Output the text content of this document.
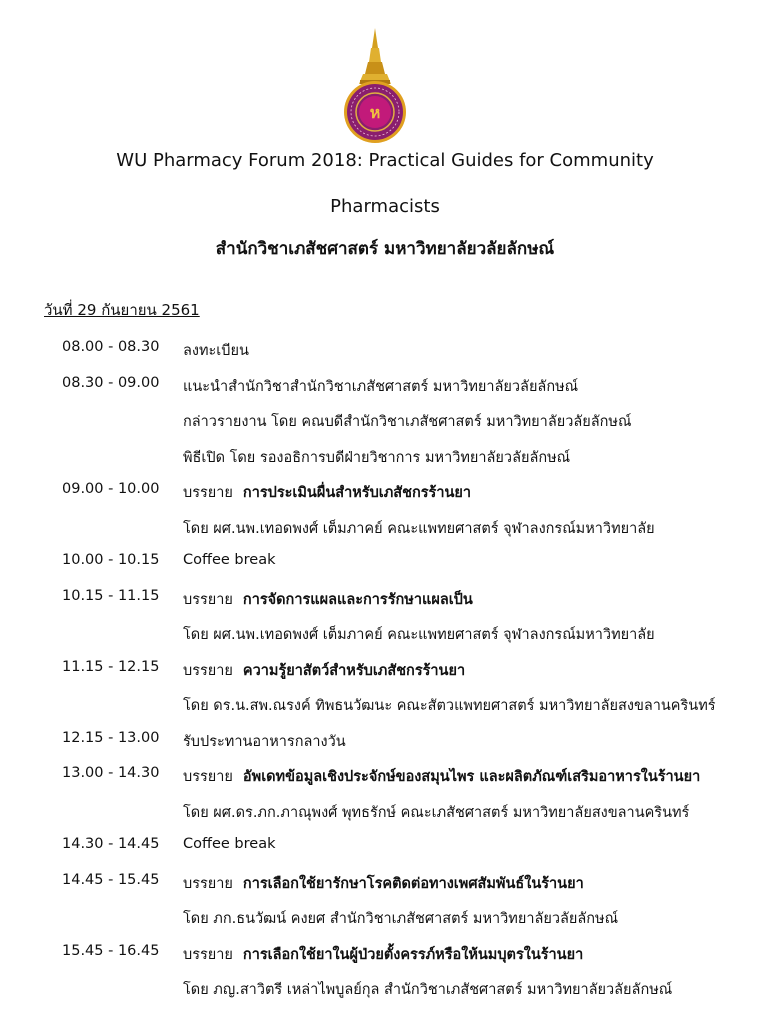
ห
WU Pharmacy Forum 2018: Practical Guides for Community
Pharmacists
สำนักวิชาเภสัชศาสตร์ มหาวิทยาลัยวลัยลักษณ์
วันที่ 29 กันยายน 2561
08.00 - 08.30 ลงทะเบียน
08.30 - 09.00 แนะนำสำนักวิชาสำนักวิชาเภสัชศาสตร์ มหาวิทยาลัยวลัยลักษณ์
กล่าวรายงาน โดย คณบดีสำนักวิชาเภสัชศาสตร์ มหาวิทยาลัยวลัยลักษณ์
พิธีเปิด โดย รองอธิการบดีฝ่ายวิชาการ มหาวิทยาลัยวลัยลักษณ์
09.00 - 10.00 บรรยาย การประเมินผื่นสำหรับเภสัชกรร้านยา
โดย ผศ.นพ.เทอดพงศ์ เต็มภาคย์ คณะแพทยศาสตร์ จุฬาลงกรณ์มหาวิทยาลัย
10.00 - 10.15 Coffee break
10.15 - 11.15 บรรยาย การจัดการแผลและการรักษาแผลเป็น
โดย ผศ.นพ.เทอดพงศ์ เต็มภาคย์ คณะแพทยศาสตร์ จุฬาลงกรณ์มหาวิทยาลัย
11.15 - 12.15 บรรยาย ความรู้ยาสัตว์สำหรับเภสัชกรร้านยา
โดย ดร.น.สพ.ณรงค์ ทิพธนวัฒนะ คณะสัตวแพทยศาสตร์ มหาวิทยาลัยสงขลานครินทร์
12.15 - 13.00 รับประทานอาหารกลางวัน
13.00 - 14.30 บรรยาย อัพเดทข้อมูลเชิงประจักษ์ของสมุนไพร และผลิตภัณฑ์เสริมอาหารในร้านยา
โดย ผศ.ดร.ภก.ภาณุพงศ์ พุทธรักษ์ คณะเภสัชศาสตร์ มหาวิทยาลัยสงขลานครินทร์
14.30 - 14.45 Coffee break
14.45 - 15.45 บรรยาย การเลือกใช้ยารักษาโรคติดต่อทางเพศสัมพันธ์ในร้านยา
โดย ภก.ธนวัฒน์ คงยศ สำนักวิชาเภสัชศาสตร์ มหาวิทยาลัยวลัยลักษณ์
15.45 - 16.45 บรรยาย การเลือกใช้ยาในผู้ป่วยตั้งครรภ์หรือให้นมบุตรในร้านยา
โดย ภญ.สาวิตรี เหล่าไพบูลย์กุล สำนักวิชาเภสัชศาสตร์ มหาวิทยาลัยวลัยลักษณ์
